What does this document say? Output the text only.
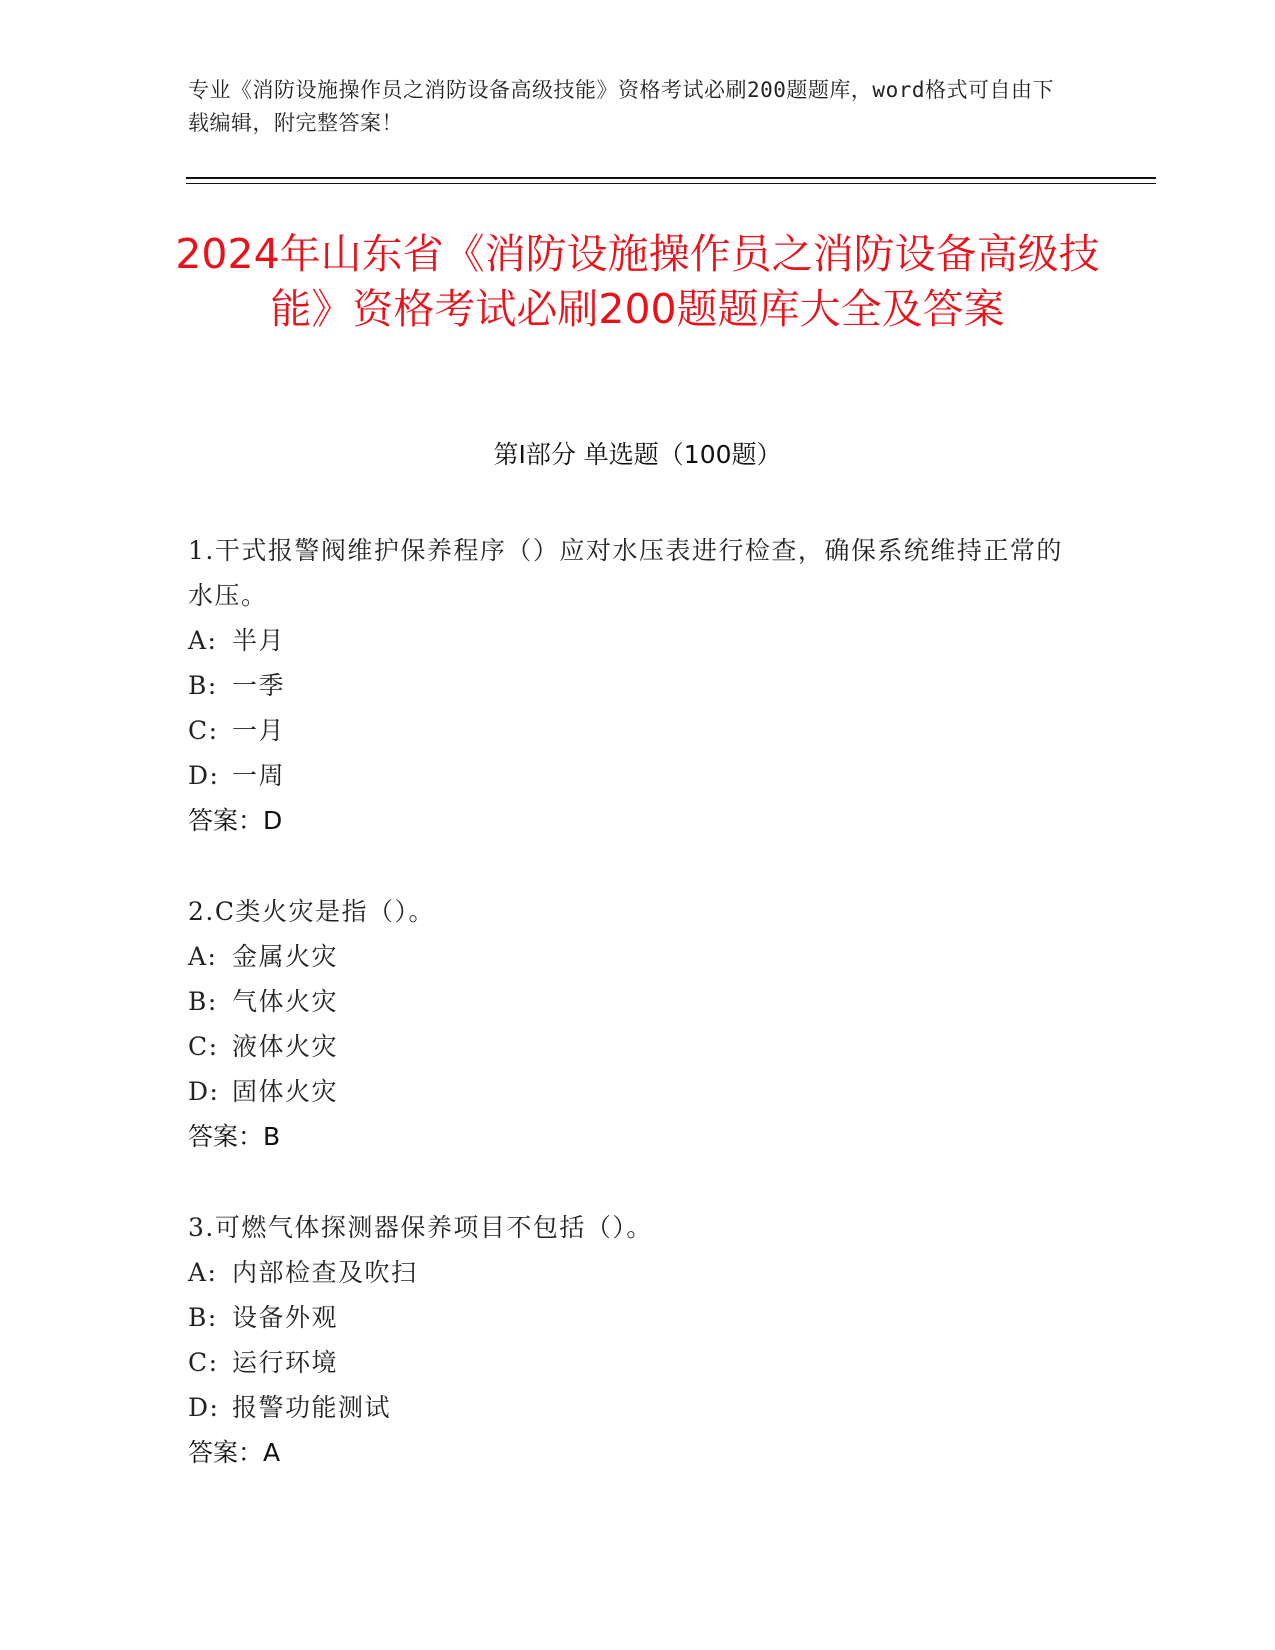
专业《消防设施操作员之消防设备高级技能》资格考试必刷200题题库，word格式可自由下载编辑，附完整答案！
2024年山东省《消防设施操作员之消防设备高级技能》资格考试必刷200题题库大全及答案
第I部分 单选题（100题）
1.干式报警阀维护保养程序（）应对水压表进行检查，确保系统维持正常的水压。
A: 半月
B: 一季
C: 一月
D: 一周
答案：D
2.C类火灾是指（）。
A: 金属火灾
B: 气体火灾
C: 液体火灾
D: 固体火灾
答案：B
3.可燃气体探测器保养项目不包括（）。
A: 内部检查及吹扫
B: 设备外观
C: 运行环境
D: 报警功能测试
答案：A
